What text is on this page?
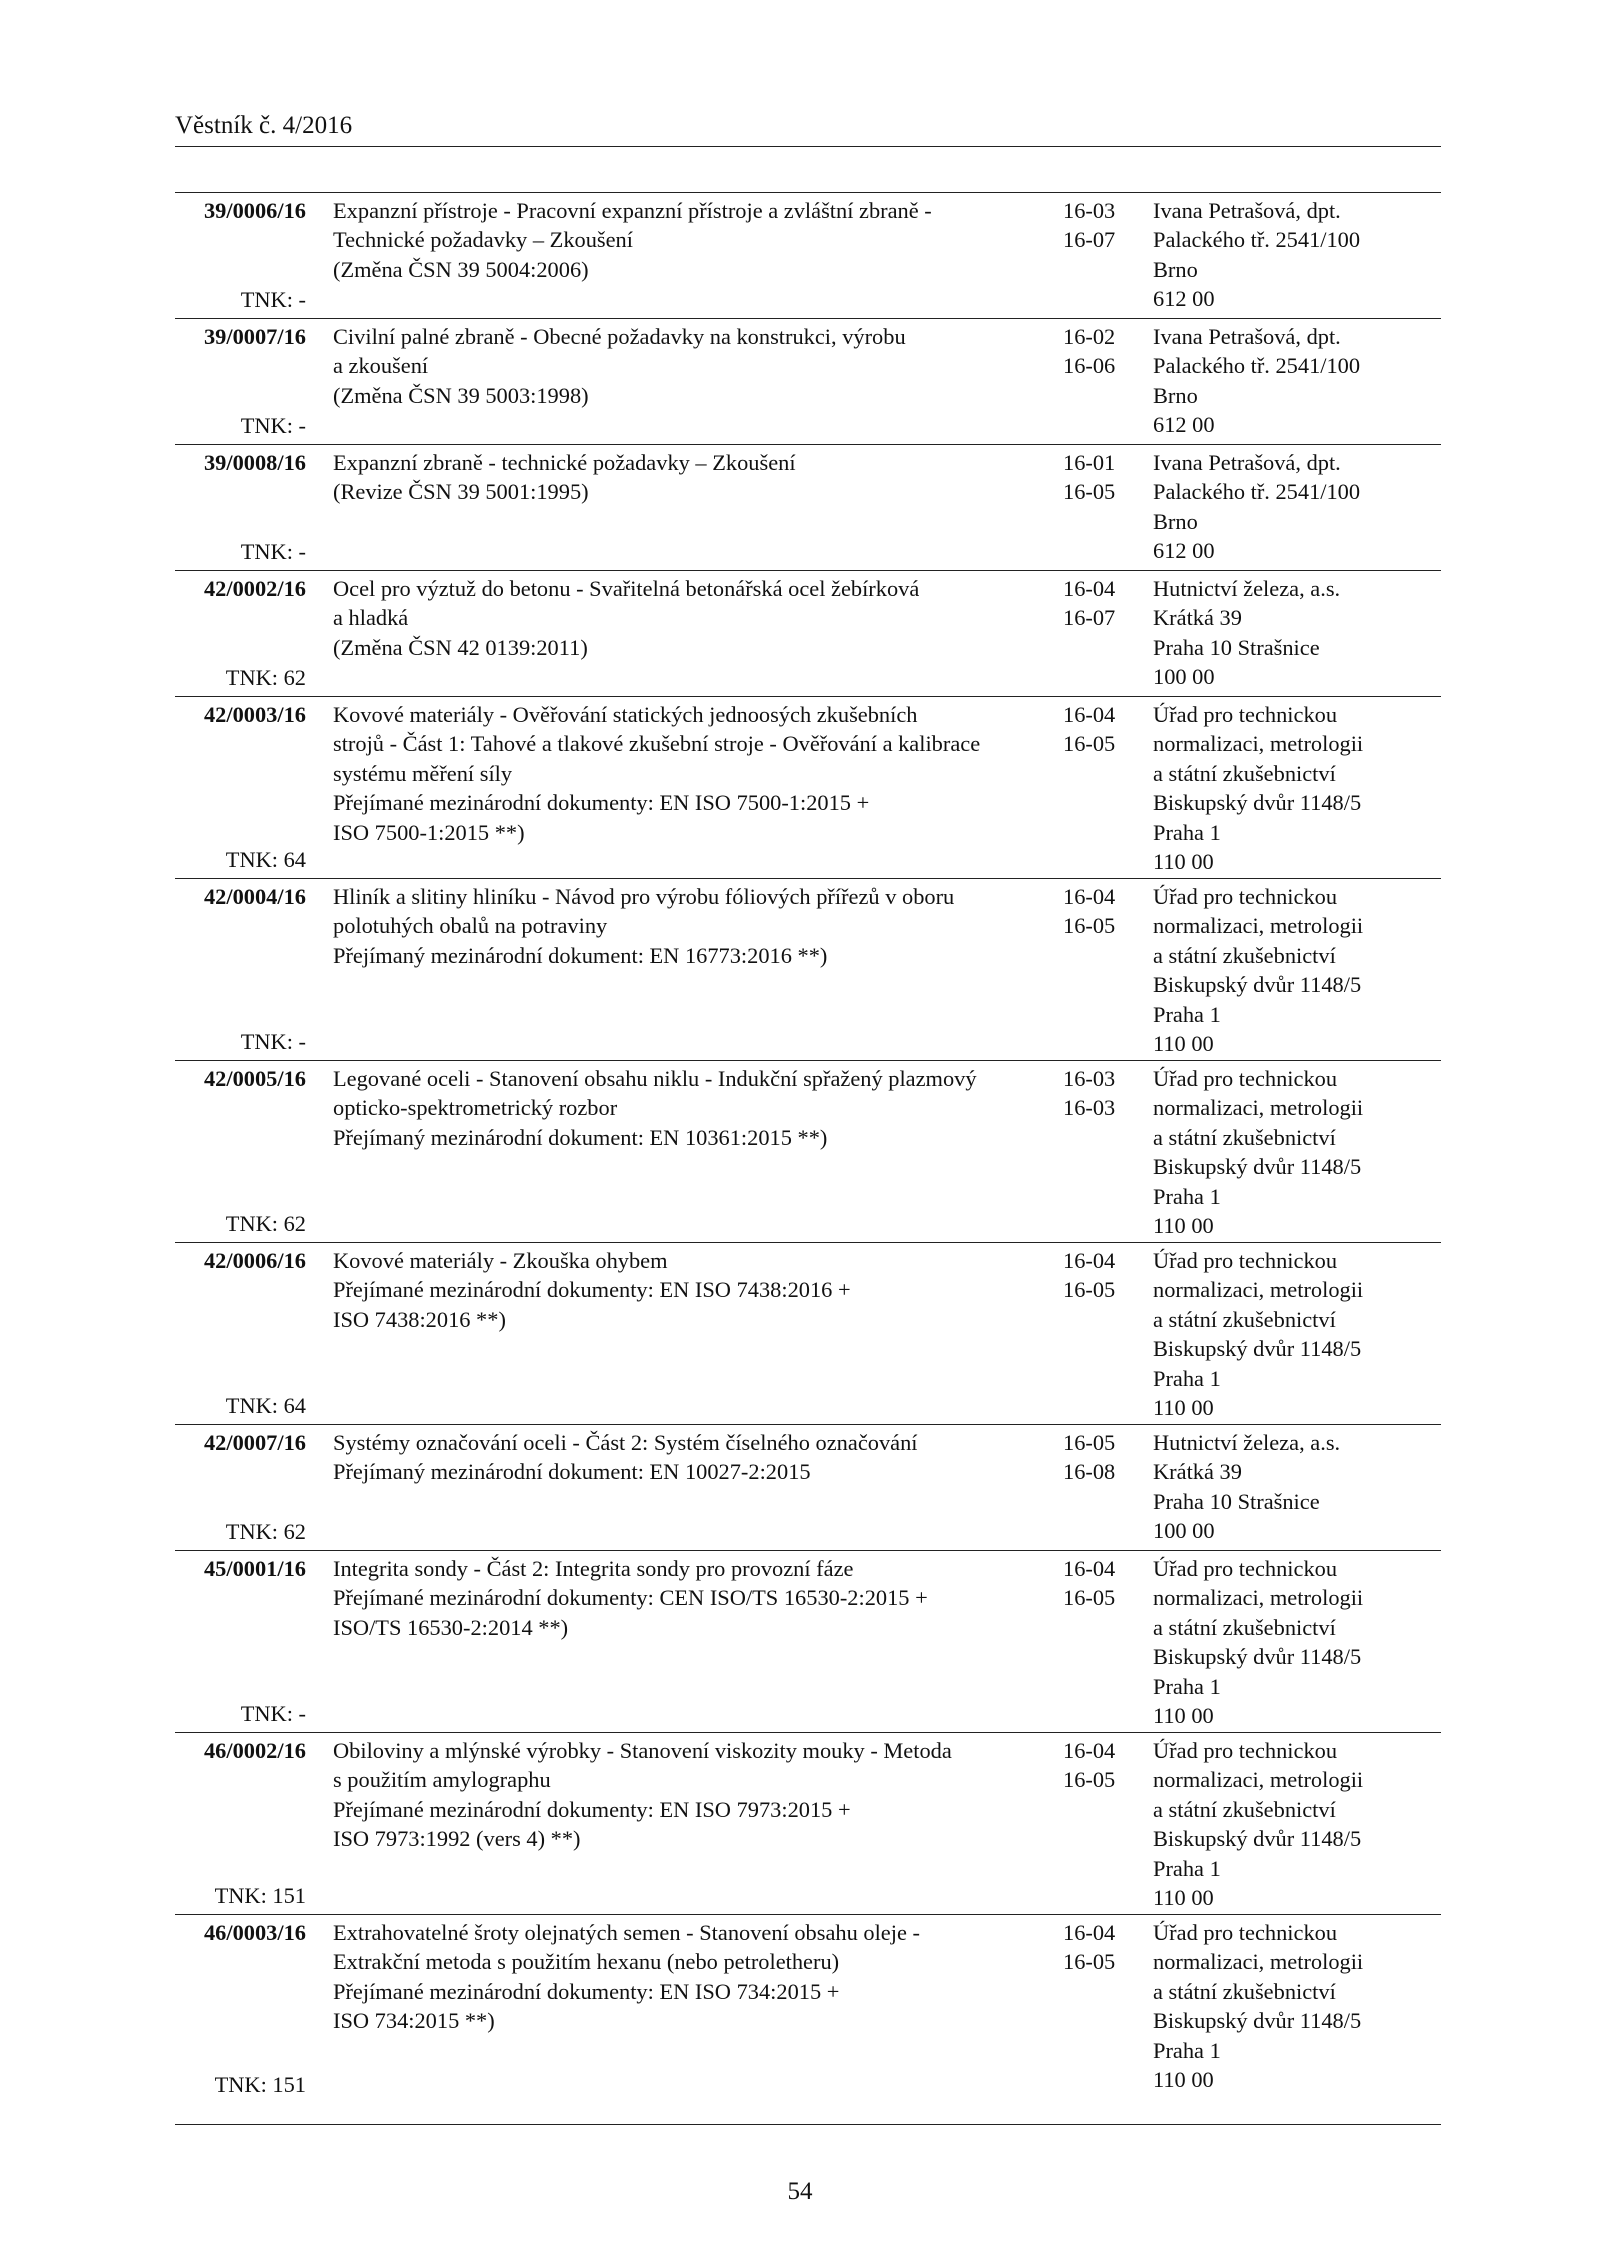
Věstník č. 4/2016
39/0006/16
TNK: -
Expanzní přístroje - Pracovní expanzní přístroje a zvláštní zbraně -
Technické požadavky – Zkoušení
(Změna ČSN 39 5004:2006)
16-03
16-07
Ivana Petrašová, dpt.
Palackého tř. 2541/100
Brno
612 00
39/0007/16
TNK: -
Civilní palné zbraně - Obecné požadavky na konstrukci, výrobu
a zkoušení
(Změna ČSN 39 5003:1998)
16-02
16-06
Ivana Petrašová, dpt.
Palackého tř. 2541/100
Brno
612 00
39/0008/16
TNK: -
Expanzní zbraně - technické požadavky – Zkoušení
(Revize ČSN 39 5001:1995)
16-01
16-05
Ivana Petrašová, dpt.
Palackého tř. 2541/100
Brno
612 00
42/0002/16
TNK: 62
Ocel pro výztuž do betonu - Svařitelná betonářská ocel žebírková
a hladká
(Změna ČSN 42 0139:2011)
16-04
16-07
Hutnictví železa, a.s.
Krátká 39
Praha 10 Strašnice
100 00
42/0003/16
TNK: 64
Kovové materiály - Ověřování statických jednoosých zkušebních
strojů - Část 1: Tahové a tlakové zkušební stroje - Ověřování a kalibrace
systému měření síly
Přejímané mezinárodní dokumenty: EN ISO 7500-1:2015 +
ISO 7500-1:2015 **)
16-04
16-05
Úřad pro technickou
normalizaci, metrologii
a státní zkušebnictví
Biskupský dvůr 1148/5
Praha 1
110 00
42/0004/16
TNK: -
Hliník a slitiny hliníku - Návod pro výrobu fóliových přířezů v oboru
polotuhých obalů na potraviny
Přejímaný mezinárodní dokument: EN 16773:2016 **)
16-04
16-05
Úřad pro technickou
normalizaci, metrologii
a státní zkušebnictví
Biskupský dvůr 1148/5
Praha 1
110 00
42/0005/16
TNK: 62
Legované oceli - Stanovení obsahu niklu - Indukční spřažený plazmový
opticko-spektrometrický rozbor
Přejímaný mezinárodní dokument: EN 10361:2015 **)
16-03
16-03
Úřad pro technickou
normalizaci, metrologii
a státní zkušebnictví
Biskupský dvůr 1148/5
Praha 1
110 00
42/0006/16
TNK: 64
Kovové materiály - Zkouška ohybem
Přejímané mezinárodní dokumenty: EN ISO 7438:2016 +
ISO 7438:2016 **)
16-04
16-05
Úřad pro technickou
normalizaci, metrologii
a státní zkušebnictví
Biskupský dvůr 1148/5
Praha 1
110 00
42/0007/16
TNK: 62
Systémy označování oceli - Část 2: Systém číselného označování
Přejímaný mezinárodní dokument: EN 10027-2:2015
16-05
16-08
Hutnictví železa, a.s.
Krátká 39
Praha 10 Strašnice
100 00
45/0001/16
TNK: -
Integrita sondy - Část 2: Integrita sondy pro provozní fáze
Přejímané mezinárodní dokumenty: CEN ISO/TS 16530-2:2015 +
ISO/TS 16530-2:2014 **)
16-04
16-05
Úřad pro technickou
normalizaci, metrologii
a státní zkušebnictví
Biskupský dvůr 1148/5
Praha 1
110 00
46/0002/16
TNK: 151
Obiloviny a mlýnské výrobky - Stanovení viskozity mouky - Metoda
s použitím amylographu
Přejímané mezinárodní dokumenty: EN ISO 7973:2015 +
ISO 7973:1992 (vers 4) **)
16-04
16-05
Úřad pro technickou
normalizaci, metrologii
a státní zkušebnictví
Biskupský dvůr 1148/5
Praha 1
110 00
46/0003/16
TNK: 151
Extrahovatelné šroty olejnatých semen - Stanovení obsahu oleje -
Extrakční metoda s použitím hexanu (nebo petroletheru)
Přejímané mezinárodní dokumenty: EN ISO 734:2015 +
ISO 734:2015 **)
16-04
16-05
Úřad pro technickou
normalizaci, metrologii
a státní zkušebnictví
Biskupský dvůr 1148/5
Praha 1
110 00
54
